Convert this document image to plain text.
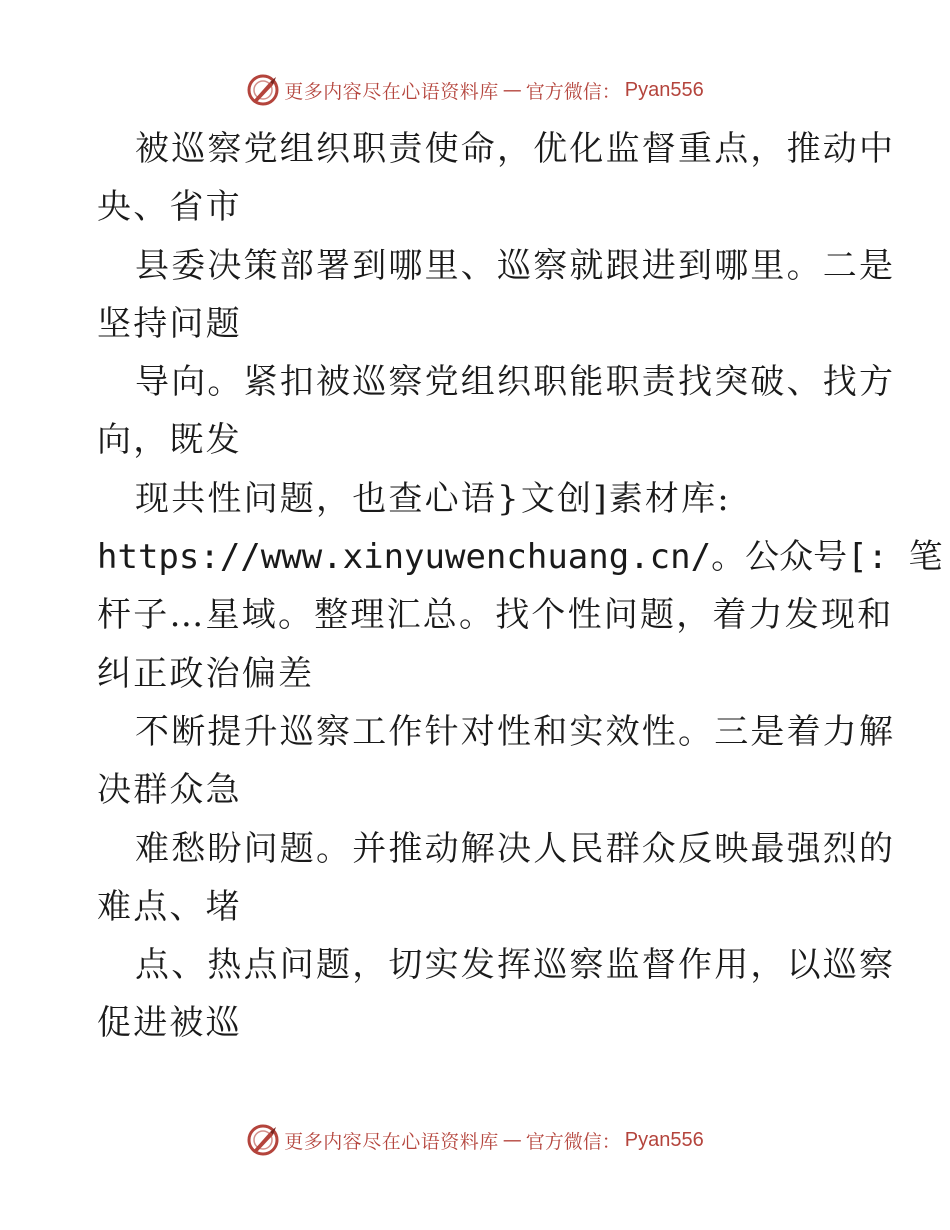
更多内容尽在心语资料库 — 官方微信： Pyan556
被巡察党组织职责使命，优化监督重点，推动中
央、省市
县委决策部署到哪里、巡察就跟进到哪里。二是
坚持问题
导向。紧扣被巡察党组织职能职责找突破、找方
向，既发
现共性问题，也查心语}文创]素材库:
https://www.xinyuwenchuang.cn/。公众号[: 笔
杆子…星域。整理汇总。找个性问题，着力发现和
纠正政治偏差
不断提升巡察工作针对性和实效性。三是着力解
决群众急
难愁盼问题。并推动解决人民群众反映最强烈的
难点、堵
点、热点问题，切实发挥巡察监督作用，以巡察
促进被巡
更多内容尽在心语资料库 — 官方微信： Pyan556
